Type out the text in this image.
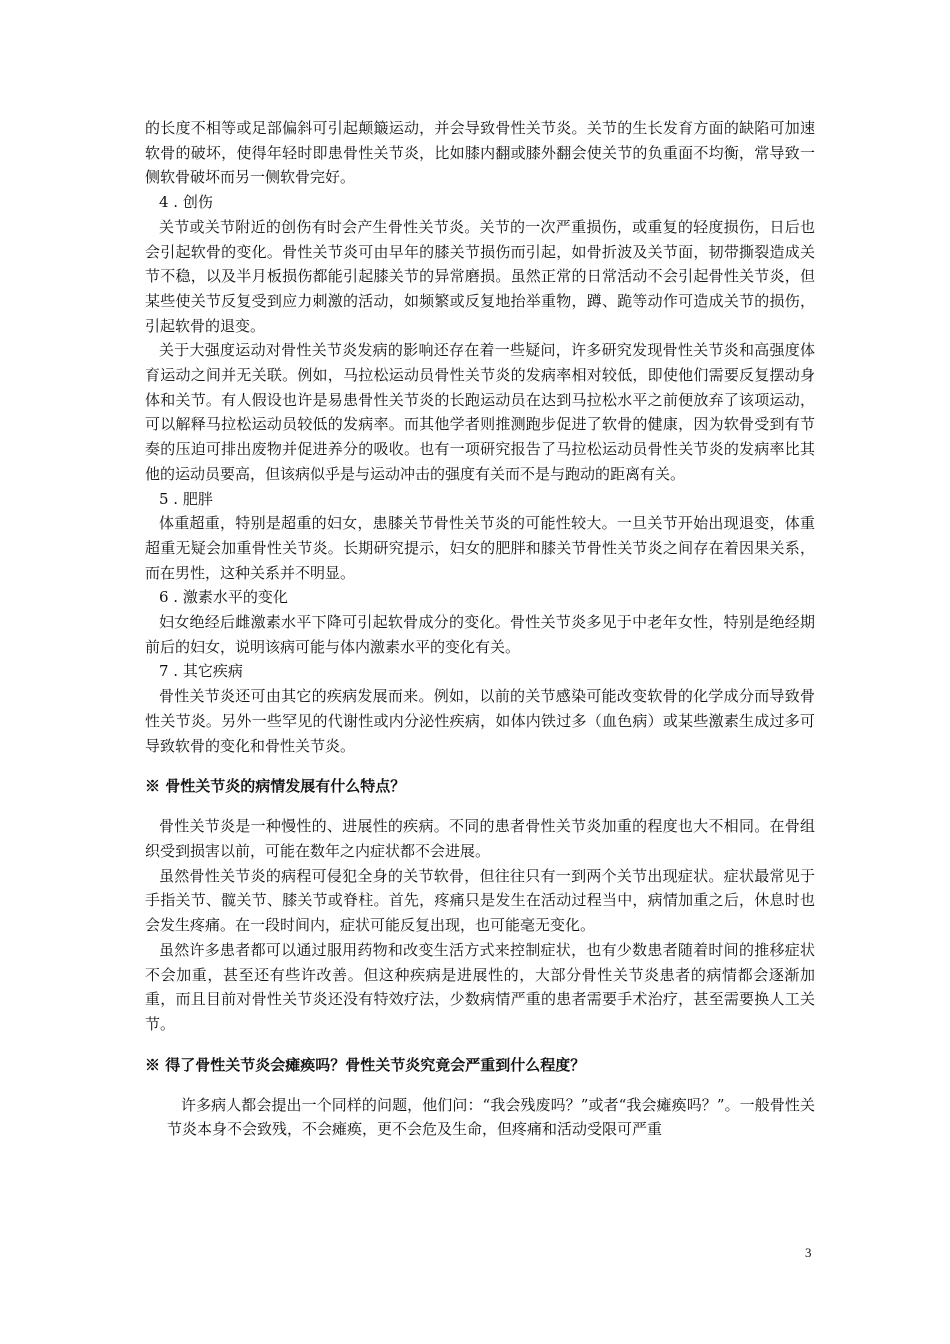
的长度不相等或足部偏斜可引起颠簸运动，并会导致骨性关节炎。关节的生长发育方面的缺陷可加速软骨的破坏，使得年轻时即患骨性关节炎，比如膝内翻或膝外翻会使关节的负重面不均衡，常导致一侧软骨破坏而另一侧软骨完好。

4 . 创伤

关节或关节附近的创伤有时会产生骨性关节炎。关节的一次严重损伤，或重复的轻度损伤，日后也会引起软骨的变化。骨性关节炎可由早年的膝关节损伤而引起，如骨折波及关节面，韧带撕裂造成关节不稳，以及半月板损伤都能引起膝关节的异常磨损。虽然正常的日常活动不会引起骨性关节炎，但某些使关节反复受到应力刺激的活动，如频繁或反复地抬举重物，蹲、跪等动作可造成关节的损伤，引起软骨的退变。

关于大强度运动对骨性关节炎发病的影响还存在着一些疑问，许多研究发现骨性关节炎和高强度体育运动之间并无关联。例如，马拉松运动员骨性关节炎的发病率相对较低，即使他们需要反复摆动身体和关节。有人假设也许是易患骨性关节炎的长跑运动员在达到马拉松水平之前便放弃了该项运动，可以解释马拉松运动员较低的发病率。而其他学者则推测跑步促进了软骨的健康，因为软骨受到有节奏的压迫可排出废物并促进养分的吸收。也有一项研究报告了马拉松运动员骨性关节炎的发病率比其他的运动员要高，但该病似乎是与运动冲击的强度有关而不是与跑动的距离有关。

5 . 肥胖

体重超重，特别是超重的妇女，患膝关节骨性关节炎的可能性较大。一旦关节开始出现退变，体重超重无疑会加重骨性关节炎。长期研究提示，妇女的肥胖和膝关节骨性关节炎之间存在着因果关系，而在男性，这种关系并不明显。

6 . 激素水平的变化

妇女绝经后雌激素水平下降可引起软骨成分的变化。骨性关节炎多见于中老年女性，特别是绝经期前后的妇女，说明该病可能与体内激素水平的变化有关。

7 . 其它疾病

骨性关节炎还可由其它的疾病发展而来。例如，以前的关节感染可能改变软骨的化学成分而导致骨性关节炎。另外一些罕见的代谢性或内分泌性疾病，如体内铁过多（血色病）或某些激素生成过多可导致软骨的变化和骨性关节炎。

※ 骨性关节炎的病情发展有什么特点？

骨性关节炎是一种慢性的、进展性的疾病。不同的患者骨性关节炎加重的程度也大不相同。在骨组织受到损害以前，可能在数年之内症状都不会进展。

虽然骨性关节炎的病程可侵犯全身的关节软骨，但往往只有一到两个关节出现症状。症状最常见于手指关节、髋关节、膝关节或脊柱。首先，疼痛只是发生在活动过程当中，病情加重之后，休息时也会发生疼痛。在一段时间内，症状可能反复出现，也可能毫无变化。

虽然许多患者都可以通过服用药物和改变生活方式来控制症状，也有少数患者随着时间的推移症状不会加重，甚至还有些许改善。但这种疾病是进展性的，大部分骨性关节炎患者的病情都会逐渐加重，而且目前对骨性关节炎还没有特效疗法，少数病情严重的患者需要手术治疗，甚至需要换人工关节。

※ 得了骨性关节炎会瘫痪吗？骨性关节炎究竟会严重到什么程度？

许多病人都会提出一个同样的问题，他们问：“我会残废吗？”或者“我会瘫痪吗？”。一般骨性关节炎本身不会致残，不会瘫痪，更不会危及生命，但疼痛和活动受限可严重

3
